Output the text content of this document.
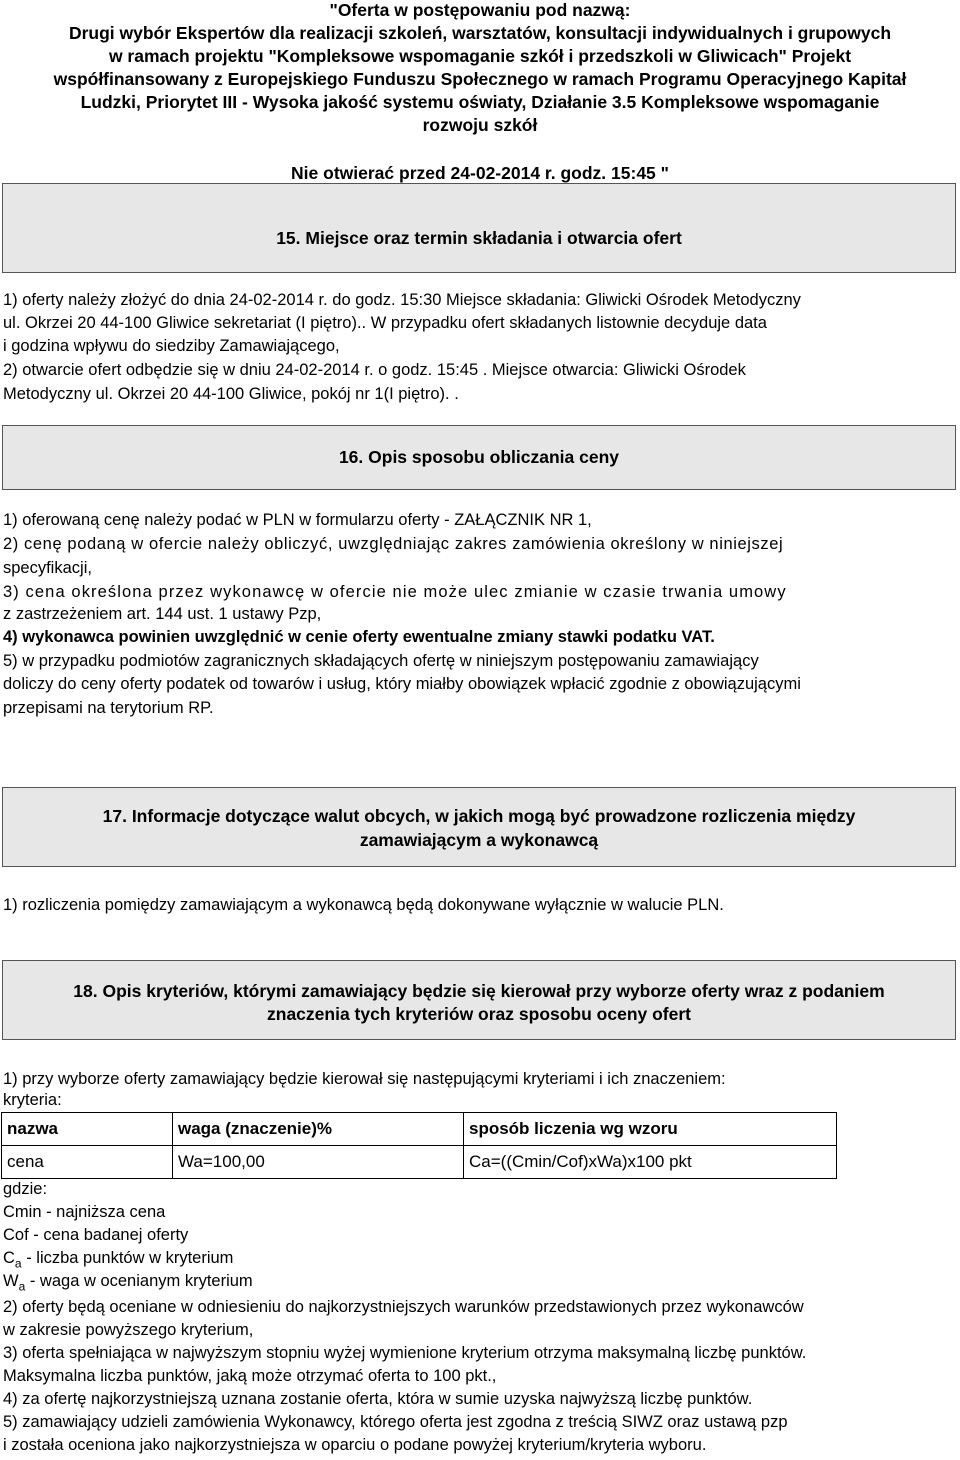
"Oferta w postępowaniu pod nazwą:
Drugi wybór Ekspertów dla realizacji szkoleń, warsztatów, konsultacji indywidualnych i grupowych
w ramach projektu "Kompleksowe wspomaganie szkół i przedszkoli w Gliwicach" Projekt
współfinansowany z Europejskiego Funduszu Społecznego w ramach Programu Operacyjnego Kapitał
Ludzki, Priorytet III - Wysoka jakość systemu oświaty, Działanie 3.5 Kompleksowe wspomaganie
rozwoju szkół
Nie otwierać przed 24-02-2014 r. godz. 15:45 "
15. Miejsce oraz termin składania i otwarcia ofert
1) oferty należy złożyć do dnia 24-02-2014 r. do godz. 15:30 Miejsce składania: Gliwicki Ośrodek Metodyczny
ul. Okrzei 20 44-100 Gliwice sekretariat (I piętro).. W przypadku ofert składanych listownie decyduje data
i godzina wpływu do siedziby Zamawiającego,
2) otwarcie ofert odbędzie się w dniu 24-02-2014 r. o godz. 15:45 . Miejsce otwarcia: Gliwicki Ośrodek
Metodyczny ul. Okrzei 20 44-100 Gliwice, pokój nr 1(I piętro). .
16. Opis sposobu obliczania ceny
1) oferowaną cenę należy podać w PLN w formularzu oferty - ZAŁĄCZNIK NR 1,
2) cenę podaną w ofercie należy obliczyć, uwzględniając zakres zamówienia określony w niniejszej
specyfikacji,
3) cena określona przez wykonawcę w ofercie nie może ulec zmianie w czasie trwania umowy
z zastrzeżeniem art. 144 ust. 1 ustawy Pzp,
4) wykonawca powinien uwzględnić w cenie oferty ewentualne zmiany stawki podatku VAT.
5) w przypadku podmiotów zagranicznych składających ofertę w niniejszym postępowaniu zamawiający
doliczy do ceny oferty podatek od towarów i usług, który miałby obowiązek wpłacić zgodnie z obowiązującymi
przepisami na terytorium RP.
17. Informacje dotyczące walut obcych, w jakich mogą być prowadzone rozliczenia między
zamawiającym a wykonawcą
1) rozliczenia pomiędzy zamawiającym a wykonawcą będą dokonywane wyłącznie w walucie PLN.
18. Opis kryteriów, którymi zamawiający będzie się kierował przy wyborze oferty wraz z podaniem
znaczenia tych kryteriów oraz sposobu oceny ofert
1) przy wyborze oferty zamawiający będzie kierował się następującymi kryteriami i ich znaczeniem:
kryteria:
nazwa	waga (znaczenie)%	sposób liczenia wg wzoru
cena	Wa=100,00	Ca=((Cmin/Cof)xWa)x100 pkt
gdzie:
Cmin - najniższa cena
Cof - cena badanej oferty
$C_a$ - liczba punktów w kryterium
$W_a$ - waga w ocenianym kryterium
2) oferty będą oceniane w odniesieniu do najkorzystniejszych warunków przedstawionych przez wykonawców
w zakresie powyższego kryterium,
3) oferta spełniająca w najwyższym stopniu wyżej wymienione kryterium otrzyma maksymalną liczbę punktów.
Maksymalna liczba punktów, jaką może otrzymać oferta to 100 pkt.,
4) za ofertę najkorzystniejszą uznana zostanie oferta, która w sumie uzyska najwyższą liczbę punktów.
5) zamawiający udzieli zamówienia Wykonawcy, którego oferta jest zgodna z treścią SIWZ oraz ustawą pzp
i została oceniona jako najkorzystniejsza w oparciu o podane powyżej kryterium/kryteria wyboru.
